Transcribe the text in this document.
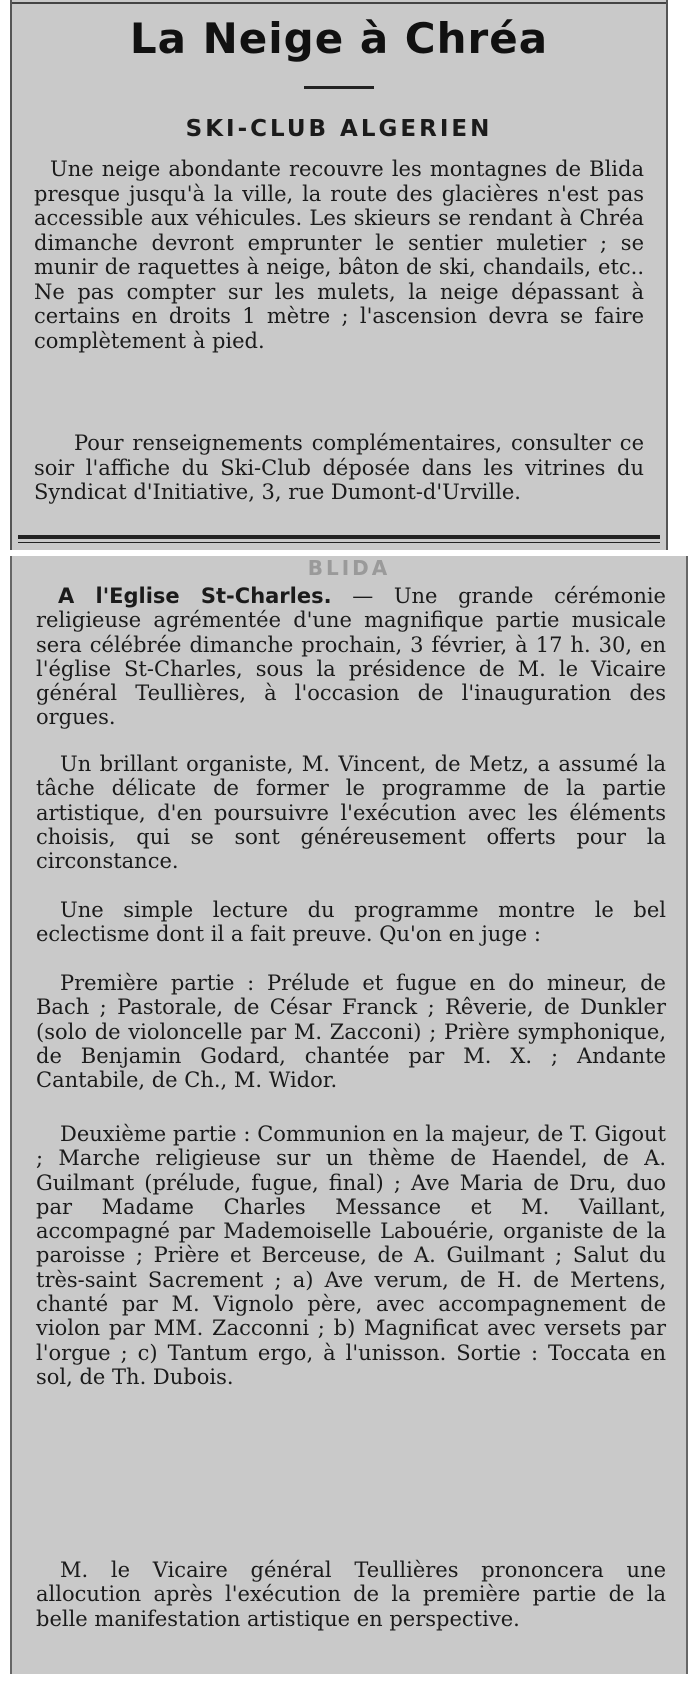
La Neige à Chréa
SKI-CLUB ALGERIEN

Une neige abondante recouvre les montagnes de Blida presque jusqu'à la ville, la route des glacières n'est pas accessible aux véhicules. Les skieurs se rendant à Chréa dimanche devront emprunter le sentier muletier ; se munir de raquettes à neige, bâton de ski, chandails, etc.. Ne pas compter sur les mulets, la neige dépassant à certains en droits 1 mètre ; l'ascension devra se faire complètement à pied.

Pour renseignements complémentaires, consulter ce soir l'affiche du Ski-Club déposée dans les vitrines du Syndicat d'Initiative, 3, rue Dumont-d'Urville.

BLIDA

A l'Eglise St-Charles. — Une grande cérémonie religieuse agrémentée d'une magnifique partie musicale sera célébrée dimanche prochain, 3 février, à 17 h. 30, en l'église St-Charles, sous la présidence de M. le Vicaire général Teullières, à l'occasion de l'inauguration des orgues.

Un brillant organiste, M. Vincent, de Metz, a assumé la tâche délicate de former le programme de la partie artistique, d'en poursuivre l'exécution avec les éléments choisis, qui se sont généreusement offerts pour la circonstance.

Une simple lecture du programme montre le bel eclectisme dont il a fait preuve. Qu'on en juge :

Première partie : Prélude et fugue en do mineur, de Bach ; Pastorale, de César Franck ; Rêverie, de Dunkler (solo de violoncelle par M. Zacconi) ; Prière symphonique, de Benjamin Godard, chantée par M. X. ; Andante Cantabile, de Ch., M. Widor.

Deuxième partie : Communion en la majeur, de T. Gigout ; Marche religieuse sur un thème de Haendel, de A. Guilmant (prélude, fugue, final) ; Ave Maria de Dru, duo par Madame Charles Messance et M. Vaillant, accompagné par Mademoiselle Labouérie, organiste de la paroisse ; Prière et Berceuse, de A. Guilmant ; Salut du très-saint Sacrement ; a) Ave verum, de H. de Mertens, chanté par M. Vignolo père, avec accompagnement de violon par MM. Zacconni ; b) Magnificat avec versets par l'orgue ; c) Tantum ergo, à l'unisson. Sortie : Toccata en sol, de Th. Dubois.

M. le Vicaire général Teullières prononcera une allocution après l'exécution de la première partie de la belle manifestation artistique en perspective.
